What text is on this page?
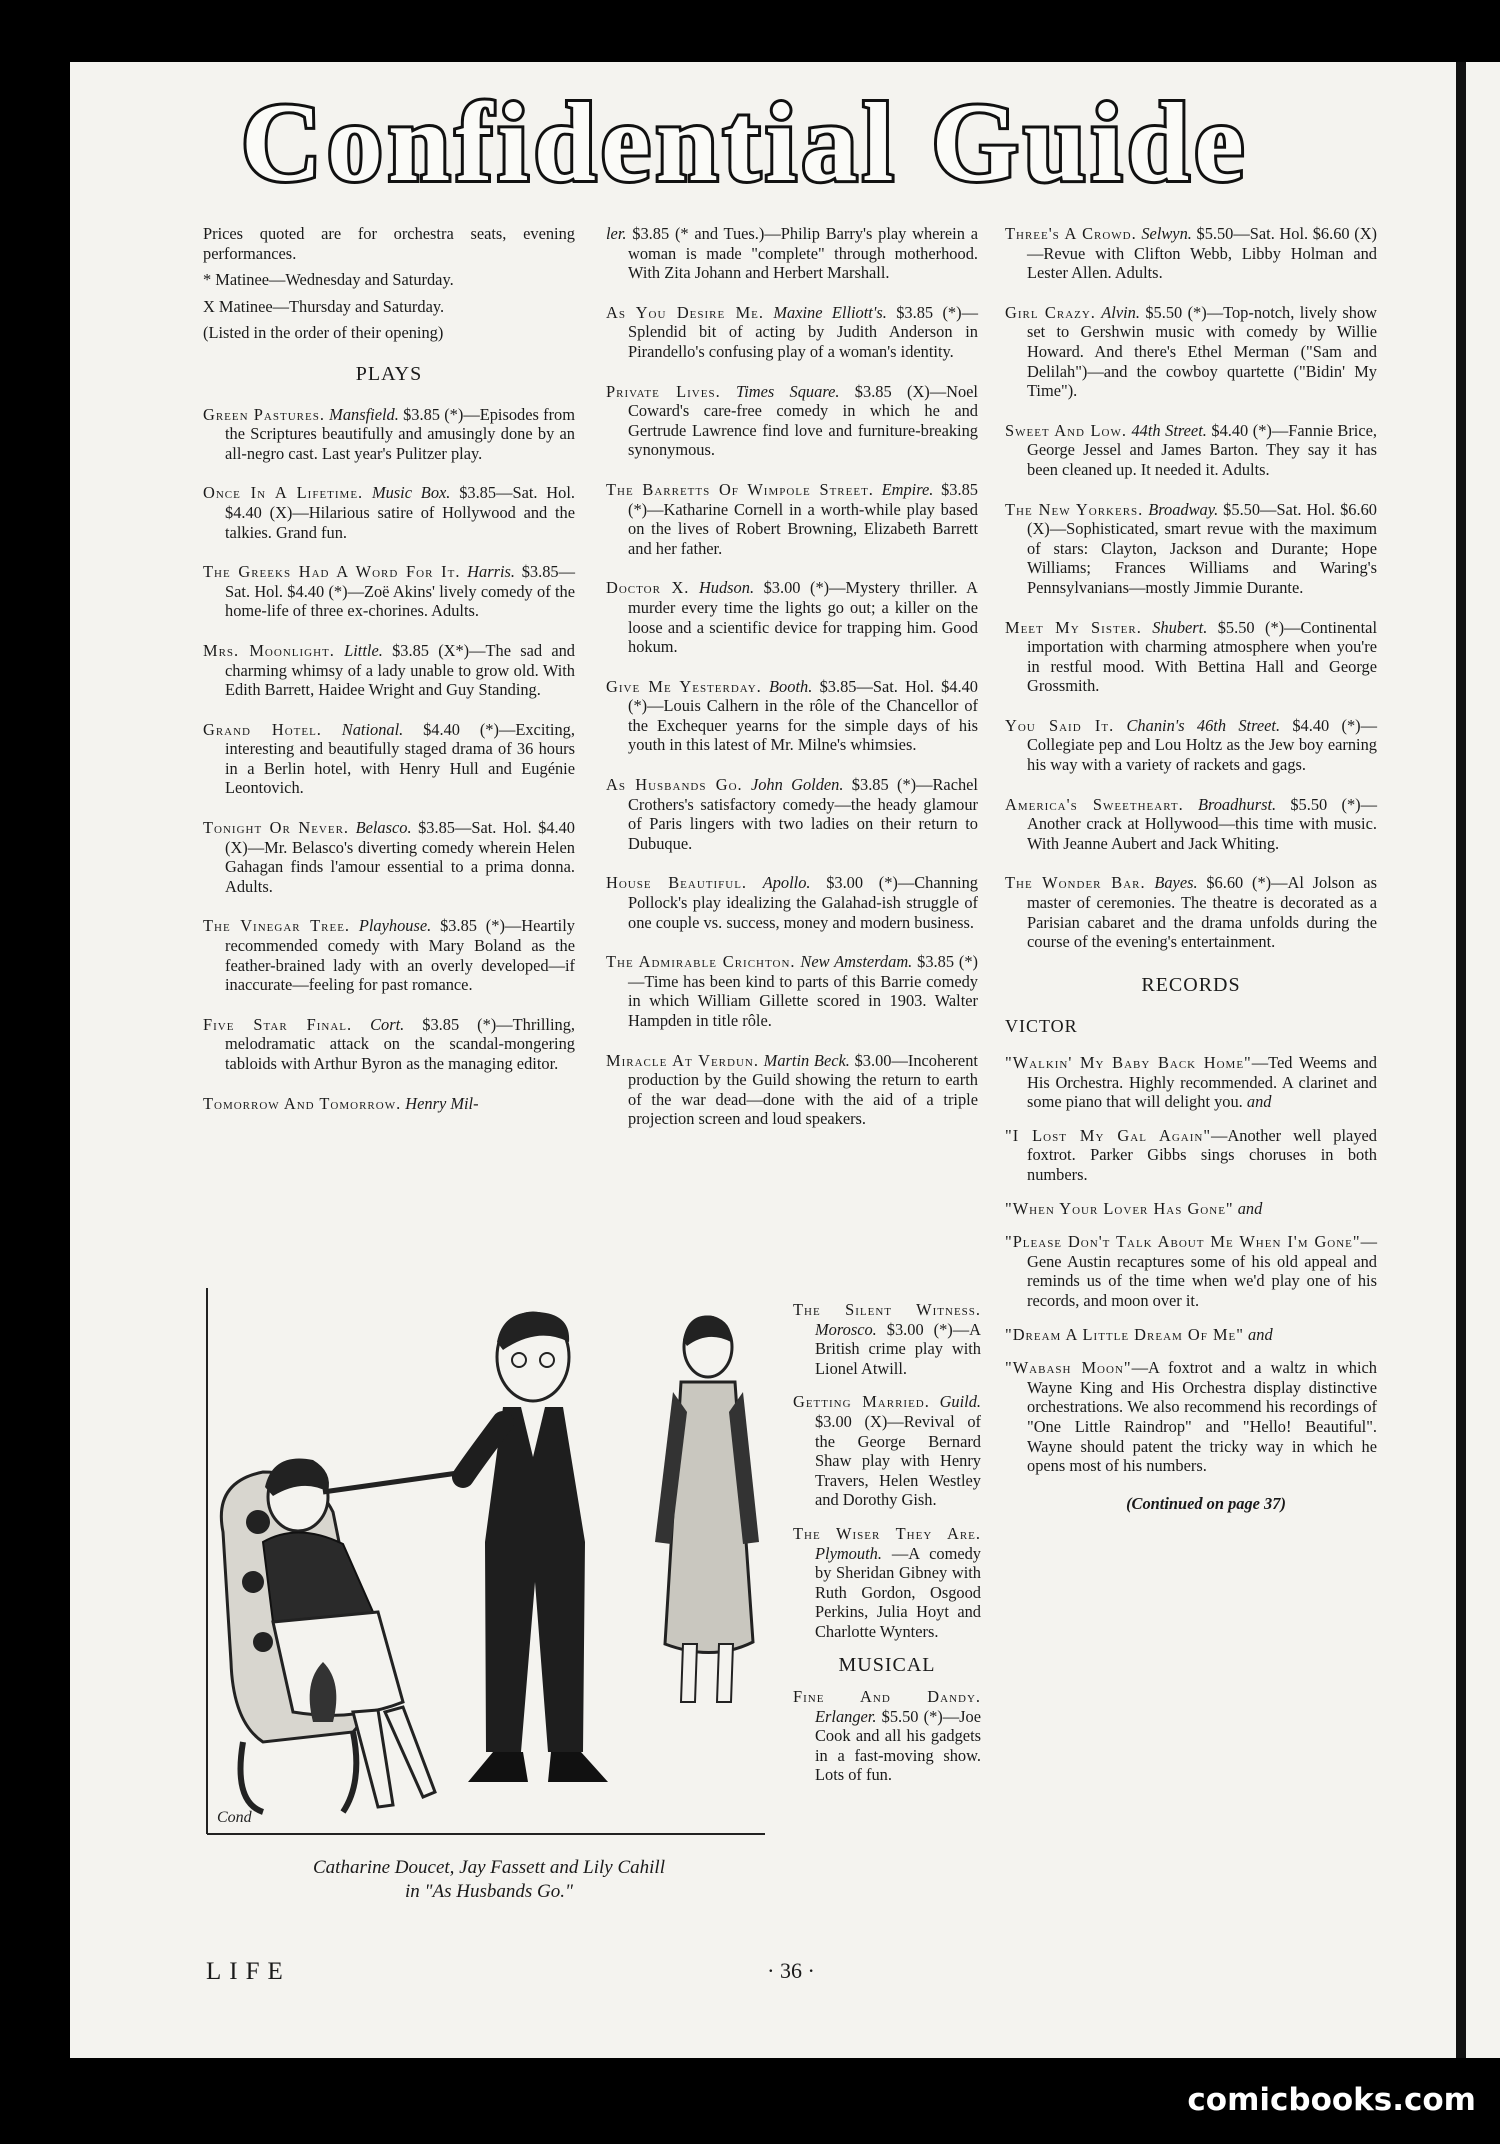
Confidential Guide

Prices quoted are for orchestra seats, evening performances.

* Matinee—Wednesday and Saturday.

X Matinee—Thursday and Saturday.

(Listed in the order of their opening)

PLAYS

Green Pastures. Mansfield. $3.85 (*)—Episodes from the Scriptures beautifully and amusingly done by an all-negro cast. Last year's Pulitzer play.

Once In A Lifetime. Music Box. $3.85—Sat. Hol. $4.40 (X)—Hilarious satire of Hollywood and the talkies. Grand fun.

The Greeks Had A Word For It. Harris. $3.85—Sat. Hol. $4.40 (*)—Zoë Akins' lively comedy of the home-life of three ex-chorines. Adults.

Mrs. Moonlight. Little. $3.85 (X*)—The sad and charming whimsy of a lady unable to grow old. With Edith Barrett, Haidee Wright and Guy Standing.

Grand Hotel. National. $4.40 (*)—Exciting, interesting and beautifully staged drama of 36 hours in a Berlin hotel, with Henry Hull and Eugénie Leontovich.

Tonight Or Never. Belasco. $3.85—Sat. Hol. $4.40 (X)—Mr. Belasco's diverting comedy wherein Helen Gahagan finds l'amour essential to a prima donna. Adults.

The Vinegar Tree. Playhouse. $3.85 (*)—Heartily recommended comedy with Mary Boland as the feather-brained lady with an overly developed—if inaccurate—feeling for past romance.

Five Star Final. Cort. $3.85 (*)—Thrilling, melodramatic attack on the scandal-mongering tabloids with Arthur Byron as the managing editor.

Tomorrow And Tomorrow. Henry Mil-

ler. $3.85 (* and Tues.)—Philip Barry's play wherein a woman is made "complete" through motherhood. With Zita Johann and Herbert Marshall.

As You Desire Me. Maxine Elliott's. $3.85 (*)—Splendid bit of acting by Judith Anderson in Pirandello's confusing play of a woman's identity.

Private Lives. Times Square. $3.85 (X)—Noel Coward's care-free comedy in which he and Gertrude Lawrence find love and furniture-breaking synonymous.

The Barretts Of Wimpole Street. Empire. $3.85 (*)—Katharine Cornell in a worth-while play based on the lives of Robert Browning, Elizabeth Barrett and her father.

Doctor X. Hudson. $3.00 (*)—Mystery thriller. A murder every time the lights go out; a killer on the loose and a scientific device for trapping him. Good hokum.

Give Me Yesterday. Booth. $3.85—Sat. Hol. $4.40 (*)—Louis Calhern in the rôle of the Chancellor of the Exchequer yearns for the simple days of his youth in this latest of Mr. Milne's whimsies.

As Husbands Go. John Golden. $3.85 (*)—Rachel Crothers's satisfactory comedy—the heady glamour of Paris lingers with two ladies on their return to Dubuque.

House Beautiful. Apollo. $3.00 (*)—Channing Pollock's play idealizing the Galahad-ish struggle of one couple vs. success, money and modern business.

The Admirable Crichton. New Amsterdam. $3.85 (*)—Time has been kind to parts of this Barrie comedy in which William Gillette scored in 1903. Walter Hampden in title rôle.

Miracle At Verdun. Martin Beck. $3.00—Incoherent production by the Guild showing the return to earth of the war dead—done with the aid of a triple projection screen and loud speakers.

The Silent Witness. Morosco. $3.00 (*)—A British crime play with Lionel Atwill.

Getting Married. Guild. $3.00 (X)—Revival of the George Bernard Shaw play with Henry Travers, Helen Westley and Dorothy Gish.

The Wiser They Are. Plymouth. —A comedy by Sheridan Gibney with Ruth Gordon, Osgood Perkins, Julia Hoyt and Charlotte Wynters.

MUSICAL

Fine And Dandy. Erlanger. $5.50 (*)—Joe Cook and all his gadgets in a fast-moving show. Lots of fun.

Three's A Crowd. Selwyn. $5.50—Sat. Hol. $6.60 (X)—Revue with Clifton Webb, Libby Holman and Lester Allen. Adults.

Girl Crazy. Alvin. $5.50 (*)—Top-notch, lively show set to Gershwin music with comedy by Willie Howard. And there's Ethel Merman ("Sam and Delilah")—and the cowboy quartette ("Bidin' My Time").

Sweet And Low. 44th Street. $4.40 (*)—Fannie Brice, George Jessel and James Barton. They say it has been cleaned up. It needed it. Adults.

The New Yorkers. Broadway. $5.50—Sat. Hol. $6.60 (X)—Sophisticated, smart revue with the maximum of stars: Clayton, Jackson and Durante; Hope Williams; Frances Williams and Waring's Pennsylvanians—mostly Jimmie Durante.

Meet My Sister. Shubert. $5.50 (*)—Continental importation with charming atmosphere when you're in restful mood. With Bettina Hall and George Grossmith.

You Said It. Chanin's 46th Street. $4.40 (*)—Collegiate pep and Lou Holtz as the Jew boy earning his way with a variety of rackets and gags.

America's Sweetheart. Broadhurst. $5.50 (*)—Another crack at Hollywood—this time with music. With Jeanne Aubert and Jack Whiting.

The Wonder Bar. Bayes. $6.60 (*)—Al Jolson as master of ceremonies. The theatre is decorated as a Parisian cabaret and the drama unfolds during the course of the evening's entertainment.

RECORDS
VICTOR

"Walkin' My Baby Back Home"—Ted Weems and His Orchestra. Highly recommended. A clarinet and some piano that will delight you. and

"I Lost My Gal Again"—Another well played foxtrot. Parker Gibbs sings choruses in both numbers.

"When Your Lover Has Gone" and

"Please Don't Talk About Me When I'm Gone"—Gene Austin recaptures some of his old appeal and reminds us of the time when we'd play one of his records, and moon over it.

"Dream A Little Dream Of Me" and

"Wabash Moon"—A foxtrot and a waltz in which Wayne King and His Orchestra display distinctive orchestrations. We also recommend his recordings of "One Little Raindrop" and "Hello! Beautiful". Wayne should patent the tricky way in which he opens most of his numbers.

(Continued on page 37)
Cond
Catharine Doucet, Jay Fassett and Lily Cahill
in "As Husbands Go."
LIFE	· 36 ·
comicbooks.com
